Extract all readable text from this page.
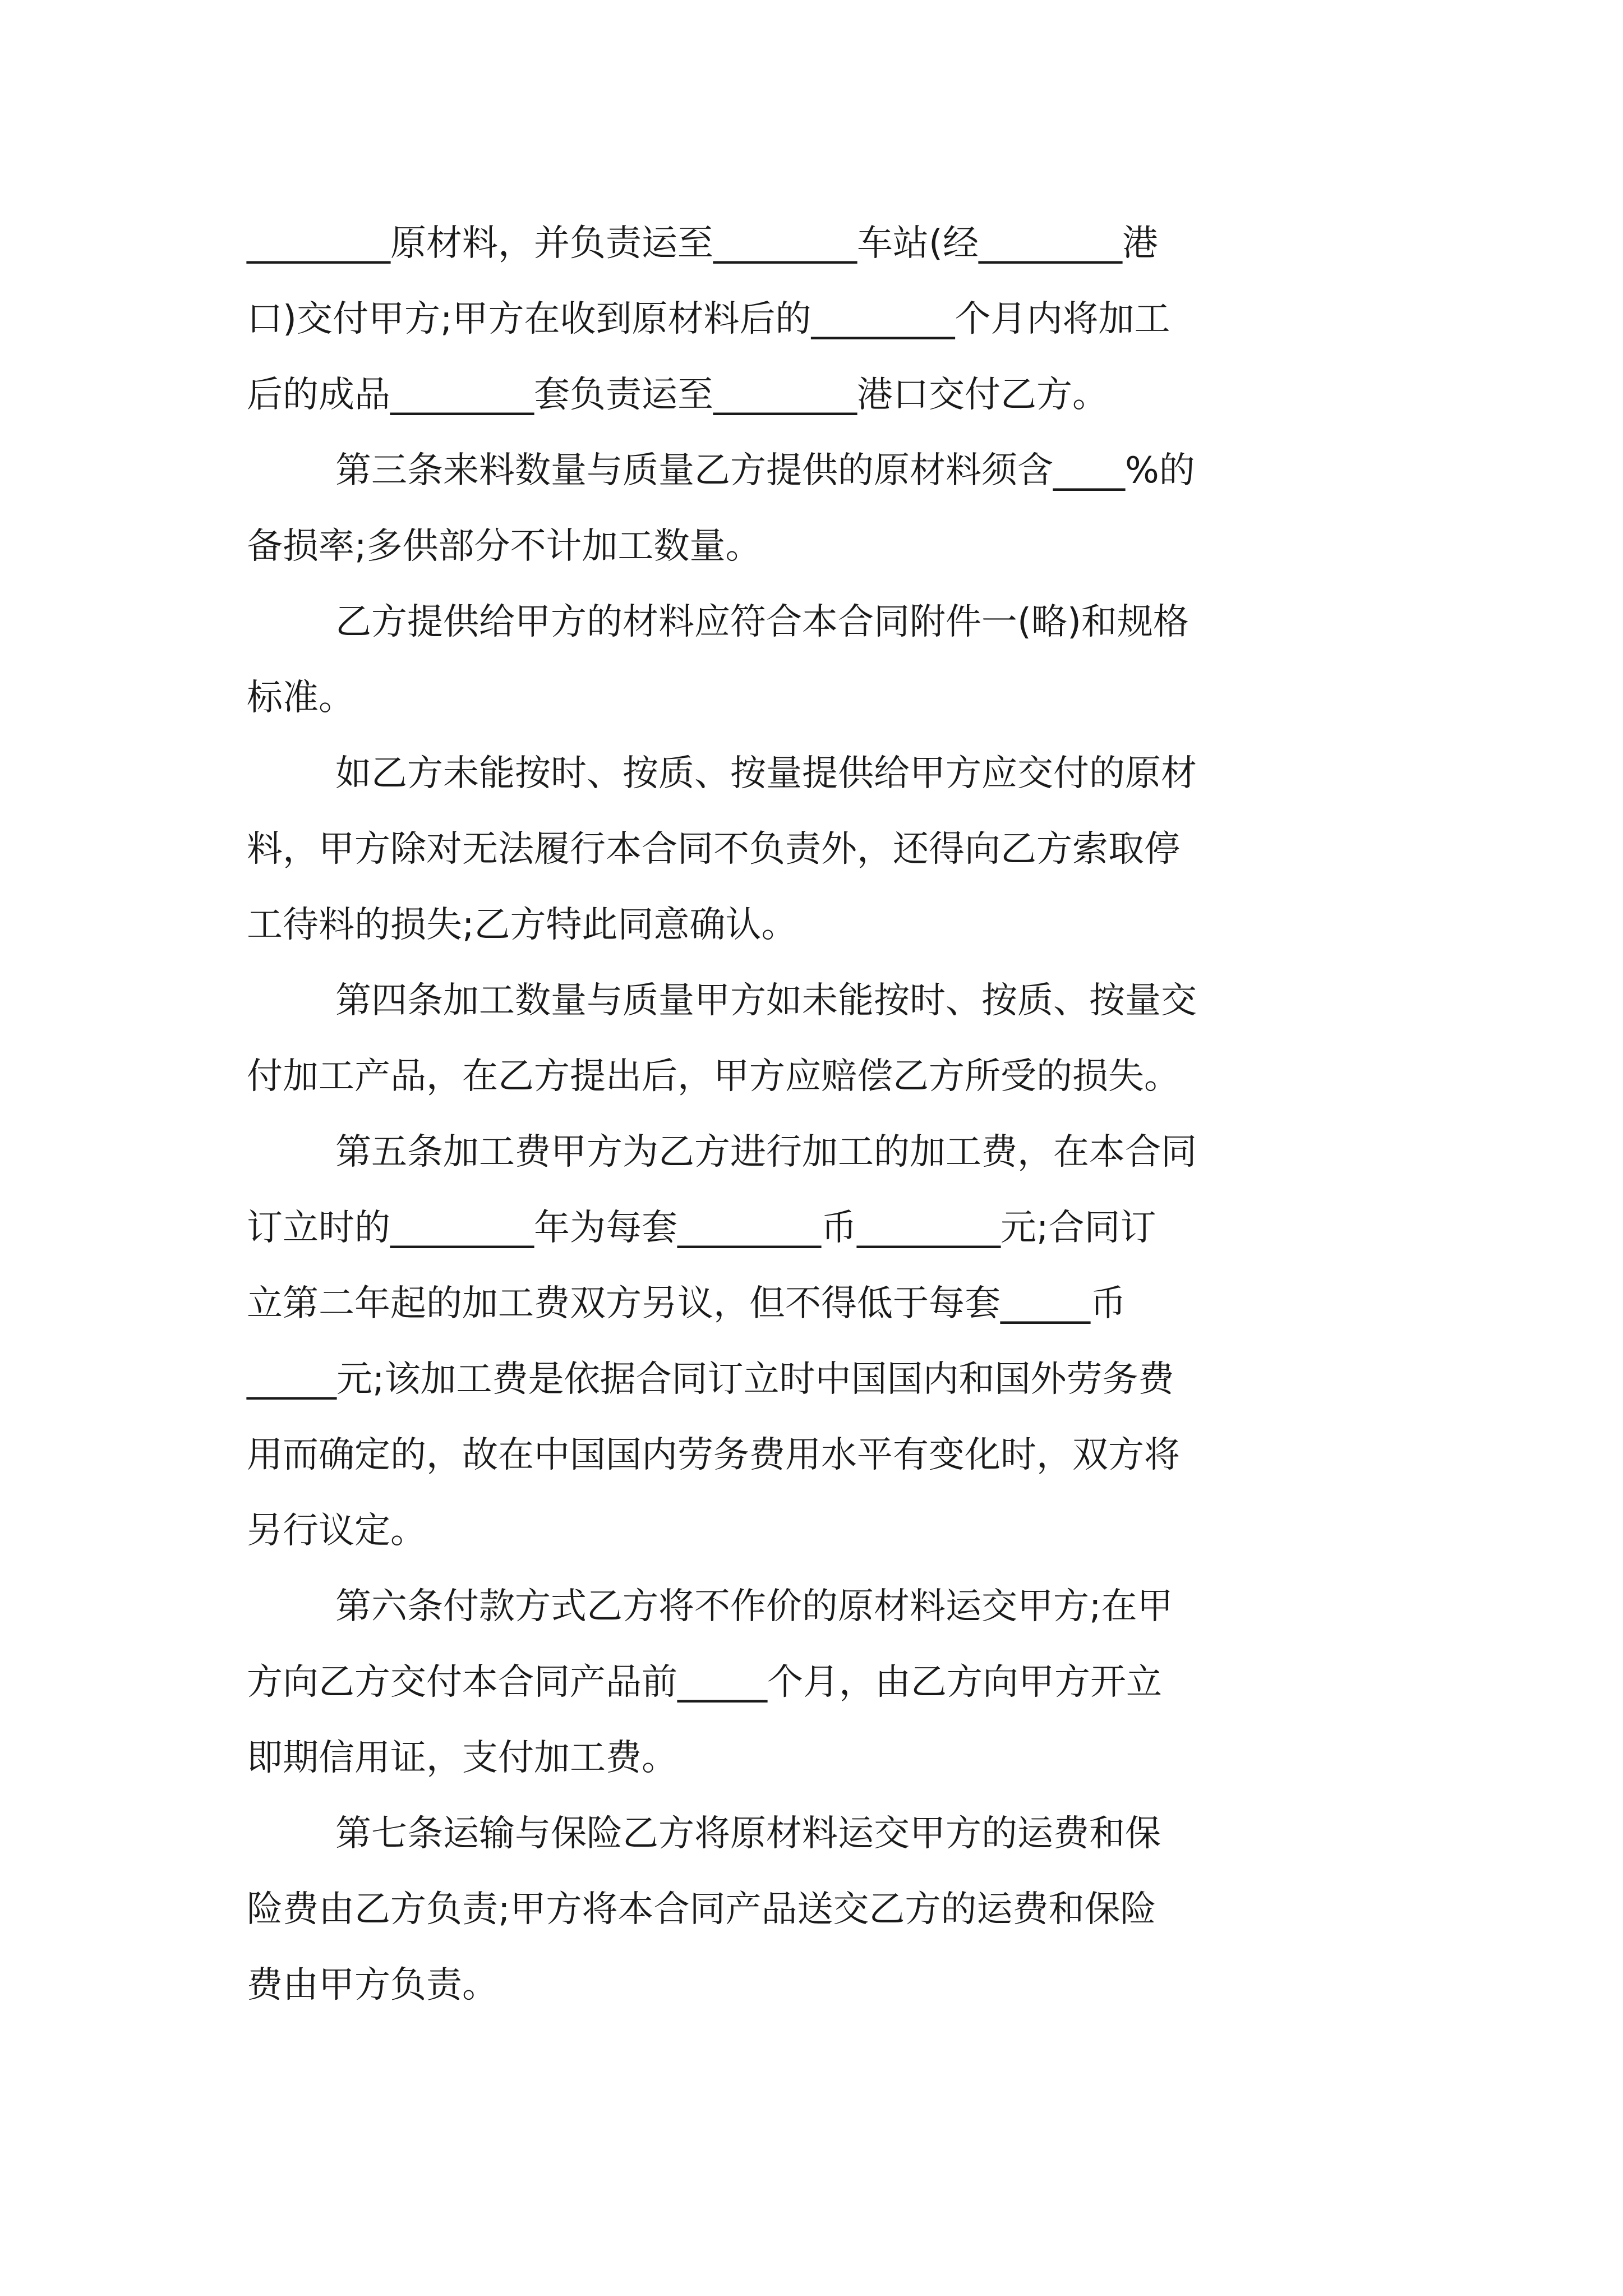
________原材料，并负责运至________车站(经________港
口)交付甲方;甲方在收到原材料后的________个月内将加工
后的成品________套负责运至________港口交付乙方。
第三条来料数量与质量乙方提供的原材料须含____%的
备损率;多供部分不计加工数量。
乙方提供给甲方的材料应符合本合同附件一(略)和规格
标准。
如乙方未能按时、按质、按量提供给甲方应交付的原材
料，甲方除对无法履行本合同不负责外，还得向乙方索取停
工待料的损失;乙方特此同意确认。
第四条加工数量与质量甲方如未能按时、按质、按量交
付加工产品，在乙方提出后，甲方应赔偿乙方所受的损失。
第五条加工费甲方为乙方进行加工的加工费，在本合同
订立时的________年为每套________币________元;合同订
立第二年起的加工费双方另议，但不得低于每套_____币
_____元;该加工费是依据合同订立时中国国内和国外劳务费
用而确定的，故在中国国内劳务费用水平有变化时，双方将
另行议定。
第六条付款方式乙方将不作价的原材料运交甲方;在甲
方向乙方交付本合同产品前_____个月，由乙方向甲方开立
即期信用证，支付加工费。
第七条运输与保险乙方将原材料运交甲方的运费和保
险费由乙方负责;甲方将本合同产品送交乙方的运费和保险
费由甲方负责。
